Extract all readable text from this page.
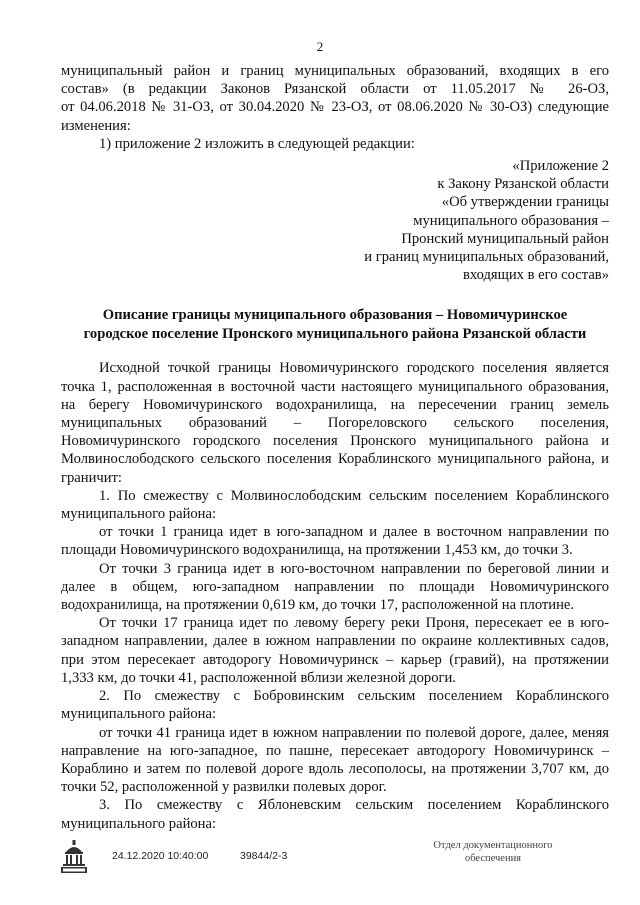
2

муниципальный район и границ муниципальных образований, входящих в его

состав» (в редакции Законов Рязанской области от 11.05.2017 № 26-ОЗ,

от 04.06.2018 № 31-ОЗ, от 30.04.2020 № 23-ОЗ, от 08.06.2020 № 30-ОЗ) следующие

изменения:

1) приложение 2 изложить в следующей редакции:

«Приложение 2
к Закону Рязанской области
«Об утверждении границы
муниципального образования –
Пронский муниципальный район
и границ муниципальных образований,
входящих в его состав»
Описание границы муниципального образования – Новомичуринское
городское поселение Пронского муниципального района Рязанской области

Исходной точкой границы Новомичуринского городского поселения является точка 1, расположенная в восточной части настоящего муниципального образования, на берегу Новомичуринского водохранилища, на пересечении границ земель муниципальных образований – Погореловского сельского поселения, Новомичуринского городского поселения Пронского муниципального района и Молвинослободского сельского поселения Кораблинского муниципального района, и граничит:

1. По смежеству с Молвинослободским сельским поселением Кораблинского муниципального района:

от точки 1 граница идет в юго-западном и далее в восточном направлении по площади Новомичуринского водохранилища, на протяжении 1,453 км, до точки 3.

От точки 3 граница идет в юго-восточном направлении по береговой линии и далее в общем, юго-западном направлении по площади Новомичуринского водохранилища, на протяжении 0,619 км, до точки 17, расположенной на плотине.

От точки 17 граница идет по левому берегу реки Проня, пересекает ее в юго-западном направлении, далее в южном направлении по окраине коллективных садов, при этом пересекает автодорогу Новомичуринск – карьер (гравий), на протяжении 1,333 км, до точки 41, расположенной вблизи железной дороги.

2. По смежеству с Бобровинским сельским поселением Кораблинского муниципального района:

от точки 41 граница идет в южном направлении по полевой дороге, далее, меняя направление на юго-западное, по пашне, пересекает автодорогу Новомичуринск – Кораблино и затем по полевой дороге вдоль лесополосы, на протяжении 3,707 км, до точки 52, расположенной у развилки полевых дорог.

3. По смежеству с Яблоневским сельским поселением Кораблинского муниципального района:

24.12.2020 10:40:00	39844/2-3
Отдел документационного
обеспечения
